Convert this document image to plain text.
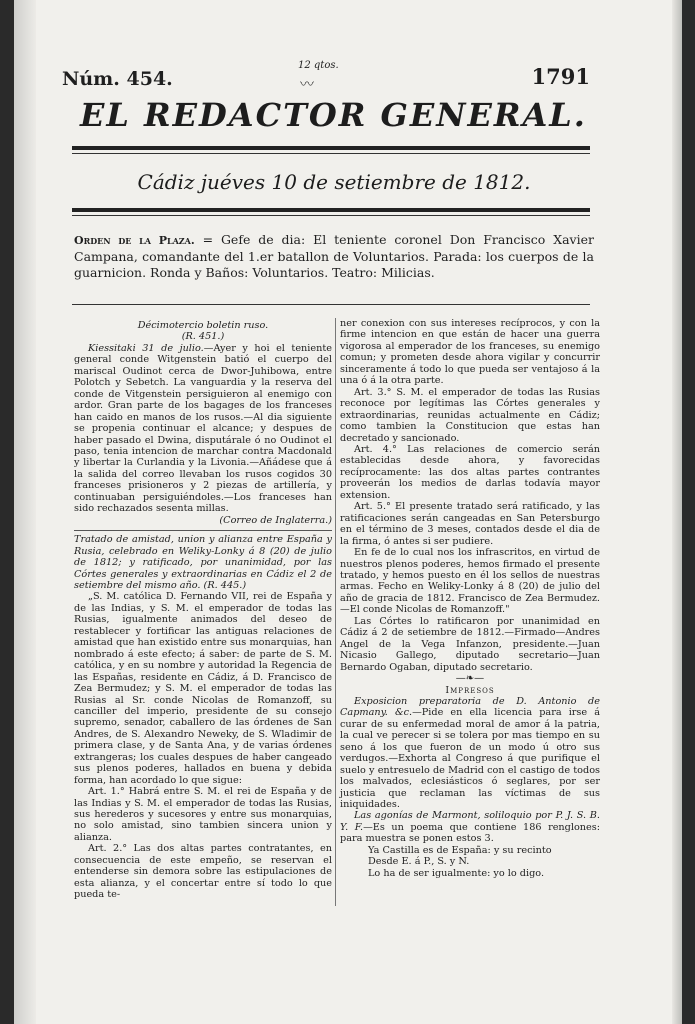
Núm. 454.
12 qtos.
〰	1791
EL REDACTOR GENERAL.
Cádiz juéves 10 de setiembre de 1812.
Orden de la Plaza. = Gefe de dia: El teniente coronel Don Francisco Xavier Campana, comandante del 1.er batallon de Voluntarios. Parada: los cuerpos de la guarnicion. Ronda y Baños: Voluntarios. Teatro: Milicias.

Décimotercio boletin ruso.

(R. 451.)

Kiessitaki 31 de julio.—Ayer y hoi el teniente general conde Witgenstein batió el cuerpo del mariscal Oudinot cerca de Dwor-Juhibowa, entre Polotch y Sebetch. La vanguardia y la reserva del conde de Vitgenstein persiguieron al enemigo con ardor. Gran parte de los bagages de los franceses han caido en manos de los rusos.—Al dia siguiente se propenia continuar el alcance; y despues de haber pasado el Dwina, disputárale ó no Oudinot el paso, tenia intencion de marchar contra Macdonald y libertar la Curlandia y la Livonia.—Añádese que á la salida del correo llevaban los rusos cogidos 30 franceses prisioneros y 2 piezas de artillería, y continuaban persiguiéndoles.—Los franceses han sido rechazados sesenta millas.

(Correo de Inglaterra.)

Tratado de amistad, union y alianza entre España y Rusia, celebrado en Weliky-Lonky á 8 (20) de julio de 1812; y ratificado, por unanimidad, por las Córtes generales y extraordinarias en Cádiz el 2 de setiembre del mismo año. (R. 445.)

„S. M. católica D. Fernando VII, rei de España y de las Indias, y S. M. el emperador de todas las Rusias, igualmente animados del deseo de restablecer y fortificar las antiguas relaciones de amistad que han existido entre sus monarquias, han nombrado á este efecto; á saber: de parte de S. M. católica, y en su nombre y autoridad la Regencia de las Españas, residente en Cádiz, á D. Francisco de Zea Bermudez; y S. M. el emperador de todas las Rusias al Sr. conde Nicolas de Romanzoff, su canciller del imperio, presidente de su consejo supremo, senador, caballero de las órdenes de San Andres, de S. Alexandro Neweky, de S. Wladimir de primera clase, y de Santa Ana, y de varias órdenes extrangeras; los cuales despues de haber cangeado sus plenos poderes, hallados en buena y debida forma, han acordado lo que sigue:

Art. 1.° Habrá entre S. M. el rei de España y de las Indias y S. M. el emperador de todas las Rusias, sus herederos y sucesores y entre sus monarquias, no solo amistad, sino tambien sincera union y alianza.

Art. 2.° Las dos altas partes contratantes, en consecuencia de este empeño, se reservan el entenderse sin demora sobre las estipulaciones de esta alianza, y el concertar entre sí todo lo que pueda te-

ner conexion con sus intereses recíprocos, y con la firme intencion en que están de hacer una guerra vigorosa al emperador de los franceses, su enemigo comun; y prometen desde ahora vigilar y concurrir sinceramente á todo lo que pueda ser ventajoso á la una ó á la otra parte.

Art. 3.° S. M. el emperador de todas las Rusias reconoce por legítimas las Córtes generales y extraordinarias, reunidas actualmente en Cádiz; como tambien la Constitucion que estas han decretado y sancionado.

Art. 4.° Las relaciones de comercio serán establecidas desde ahora, y favorecidas recíprocamente: las dos altas partes contrantes proveerán los medios de darlas todavía mayor extension.

Art. 5.° El presente tratado será ratificado, y las ratificaciones serán cangeadas en San Petersburgo en el término de 3 meses, contados desde el dia de la firma, ó antes si ser pudiere.

En fe de lo cual nos los infrascritos, en virtud de nuestros plenos poderes, hemos firmado el presente tratado, y hemos puesto en él los sellos de nuestras armas. Fecho en Weliky-Lonky á 8 (20) de julio del año de gracia de 1812. Francisco de Zea Bermudez.—El conde Nicolas de Romanzoff."

Las Córtes lo ratificaron por unanimidad en Cádiz á 2 de setiembre de 1812.—Firmado—Andres Angel de la Vega Infanzon, presidente.—Juan Nicasio Gallego, diputado secretario—Juan Bernardo Ogaban, diputado secretario.

—❧—

Impresos

Exposicion preparatoria de D. Antonio de Capmany. &c.—Pide en ella licencia para irse á curar de su enfermedad moral de amor á la patria, la cual ve perecer si se tolera por mas tiempo en su seno á los que fueron de un modo ú otro sus verdugos.—Exhorta al Congreso á que purifique el suelo y entresuelo de Madrid con el castigo de todos los malvados, eclesiásticos ó seglares, por ser justicia que reclaman las víctimas de sus iniquidades.

Las agonías de Marmont, soliloquio por P. J. S. B. Y. F.—Es un poema que contiene 186 renglones: para muestra se ponen estos 3.

Ya Castilla es de España: y su recinto

Desde E. á P., S. y N.

Lo ha de ser igualmente: yo lo digo.
